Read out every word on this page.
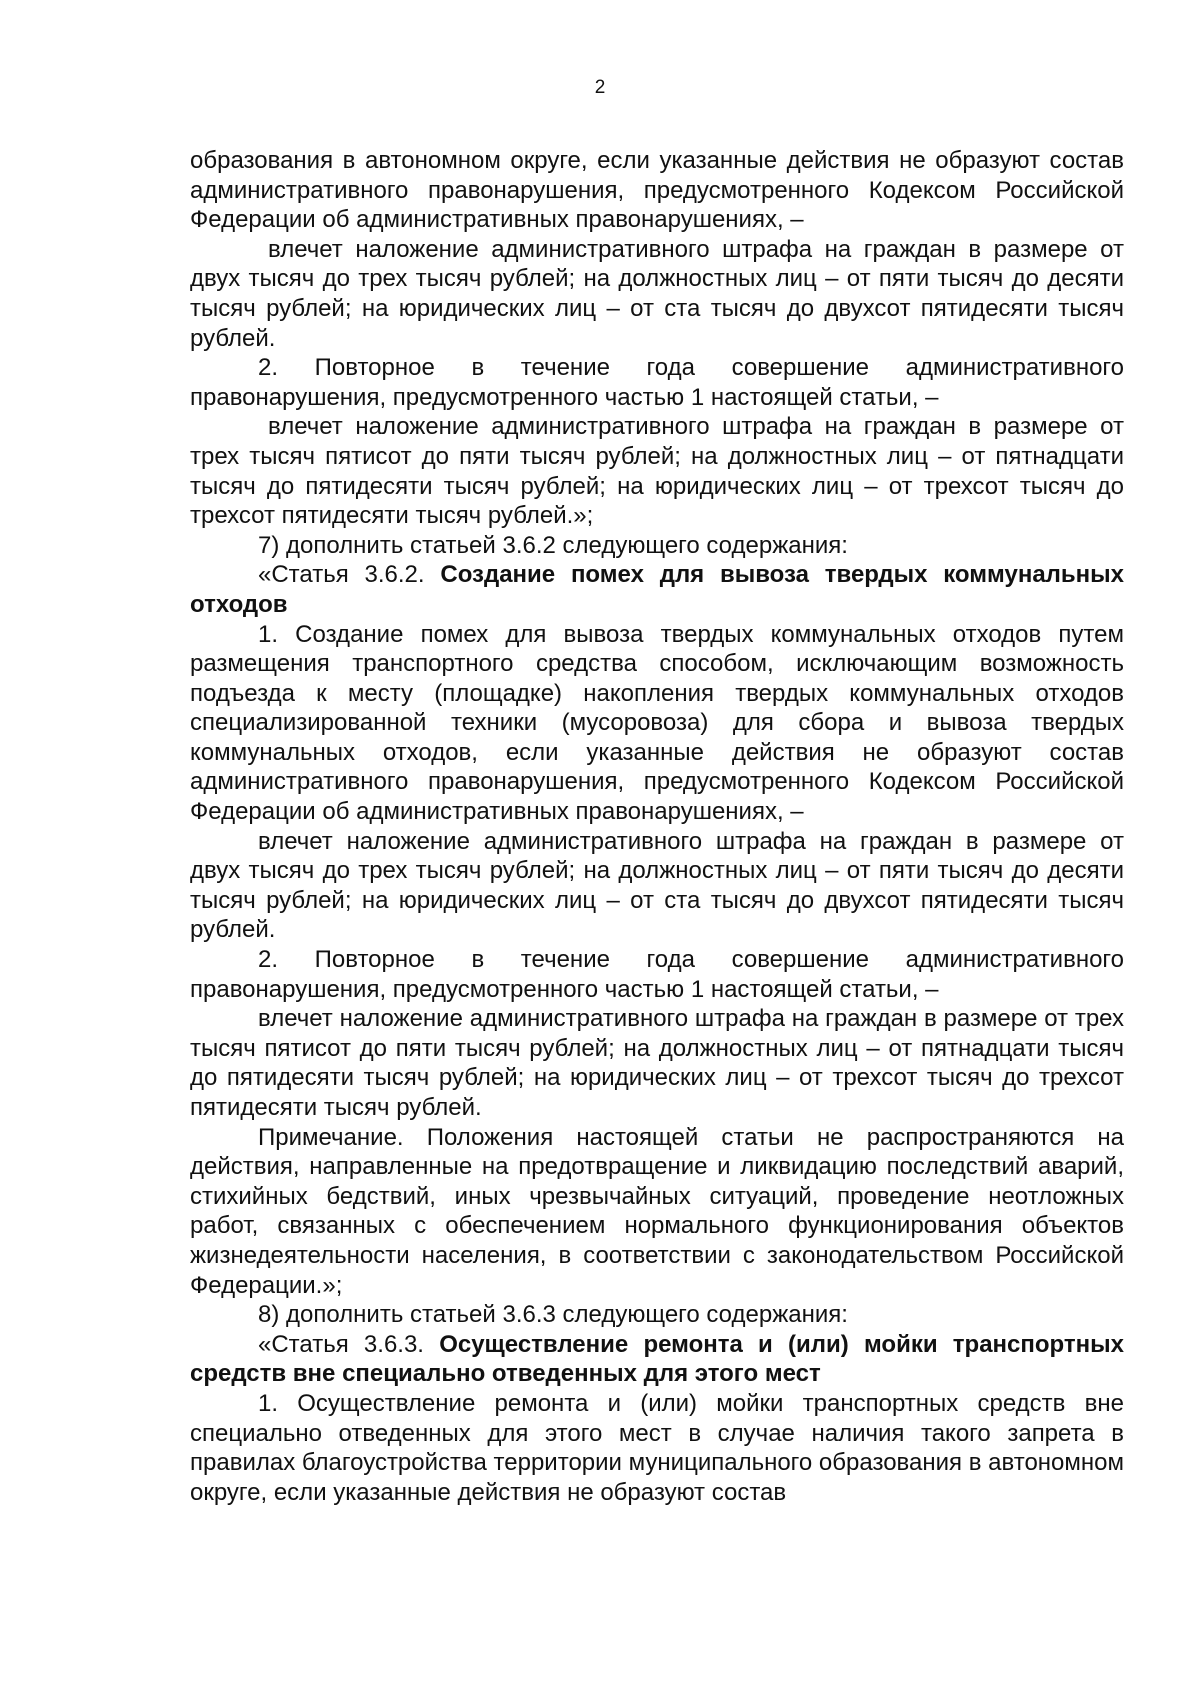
2

образования в автономном округе, если указанные действия не образуют состав административного правонарушения, предусмотренного Кодексом Российской Федерации об административных правонарушениях, –

влечет наложение административного штрафа на граждан в размере от двух тысяч до трех тысяч рублей; на должностных лиц – от пяти тысяч до десяти тысяч рублей; на юридических лиц – от ста тысяч до двухсот пятидесяти тысяч рублей.

2. Повторное в течение года совершение административного правонарушения, предусмотренного частью 1 настоящей статьи, –

влечет наложение административного штрафа на граждан в размере от трех тысяч пятисот до пяти тысяч рублей; на должностных лиц – от пятнадцати тысяч до пятидесяти тысяч рублей; на юридических лиц – от трехсот тысяч до трехсот пятидесяти тысяч рублей.»;

7) дополнить статьей 3.6.2 следующего содержания:

«Статья 3.6.2. Создание помех для вывоза твердых коммунальных отходов

1. Создание помех для вывоза твердых коммунальных отходов путем размещения транспортного средства способом, исключающим возможность подъезда к месту (площадке) накопления твердых коммунальных отходов специализированной техники (мусоровоза) для сбора и вывоза твердых коммунальных отходов, если указанные действия не образуют состав административного правонарушения, предусмотренного Кодексом Российской Федерации об административных правонарушениях, –

влечет наложение административного штрафа на граждан в размере от двух тысяч до трех тысяч рублей; на должностных лиц – от пяти тысяч до десяти тысяч рублей; на юридических лиц – от ста тысяч до двухсот пятидесяти тысяч рублей.

2. Повторное в течение года совершение административного правонарушения, предусмотренного частью 1 настоящей статьи, –

влечет наложение административного штрафа на граждан в размере от трех тысяч пятисот до пяти тысяч рублей; на должностных лиц – от пятнадцати тысяч до пятидесяти тысяч рублей; на юридических лиц – от трехсот тысяч до трехсот пятидесяти тысяч рублей.

Примечание. Положения настоящей статьи не распространяются на действия, направленные на предотвращение и ликвидацию последствий аварий, стихийных бедствий, иных чрезвычайных ситуаций, проведение неотложных работ, связанных с обеспечением нормального функционирования объектов жизнедеятельности населения, в соответствии с законодательством Российской Федерации.»;

8) дополнить статьей 3.6.3 следующего содержания:

«Статья 3.6.3. Осуществление ремонта и (или) мойки транспортных средств вне специально отведенных для этого мест

1. Осуществление ремонта и (или) мойки транспортных средств вне специально отведенных для этого мест в случае наличия такого запрета в правилах благоустройства территории муниципального образования в автономном округе, если указанные действия не образуют состав
